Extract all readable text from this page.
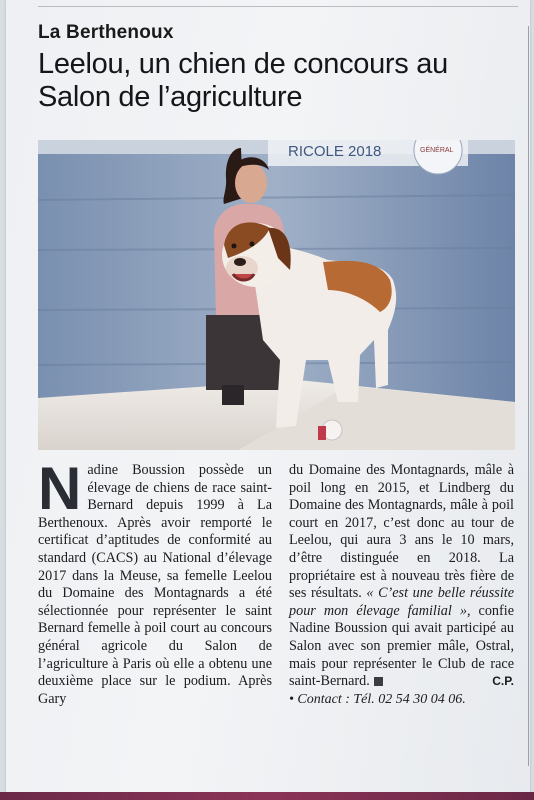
La Berthenoux
Leelou, un chien de concours au Salon de l’agriculture
RICOLE 2018	GÉNÉRAL
N adine Boussion possède un élevage de chiens de race saint-Bernard depuis 1999 à La Berthenoux. Après avoir remporté le certificat d’aptitudes de conformité au standard (CACS) au National d’élevage 2017 dans la Meuse, sa femelle Leelou du Domaine des Montagnards a été sélectionnée pour représenter le saint Bernard femelle à poil court au concours général agricole du Salon de l’agriculture à Paris où elle a obtenu une deuxième place sur le podium. Après Gary

du Domaine des Montagnards, mâle à poil long en 2015, et Lindberg du Domaine des Montagnards, mâle à poil court en 2017, c’est donc au tour de Leelou, qui aura 3 ans le 10 mars, d’être distinguée en 2018. La propriétaire est à nouveau très fière de ses résultats. « C’est une belle réussite pour mon élevage familial », confie Nadine Boussion qui avait participé au Salon avec son premier mâle, Ostral, mais pour représenter le Club de race saint-Bernard.	C.P.

• Contact : Tél. 02 54 30 04 06.
